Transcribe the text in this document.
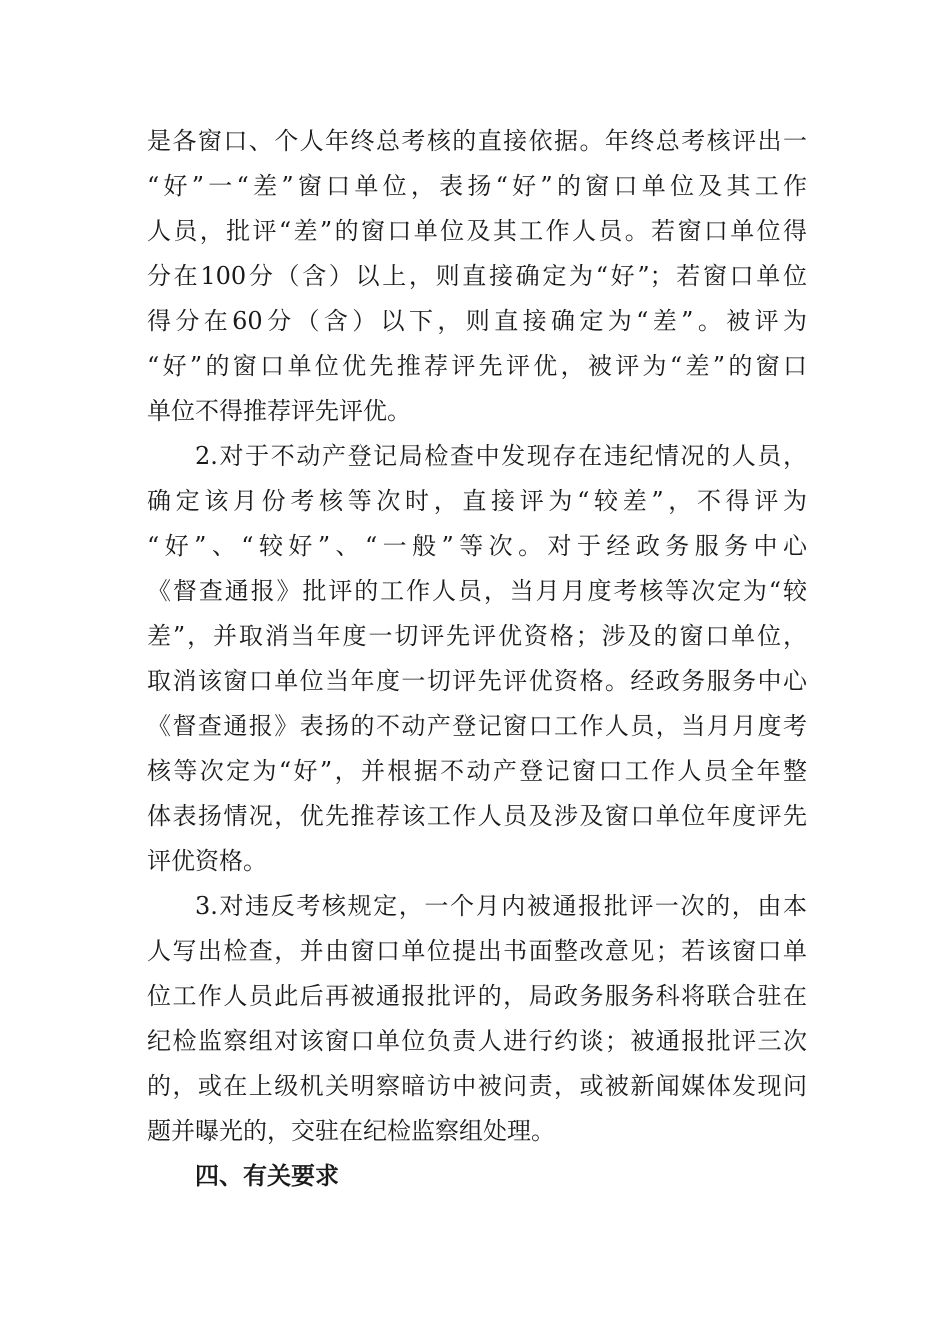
是各窗口、个人年终总考核的直接依据。年终总考核评出一
“好”一“差”窗口单位，表扬“好”的窗口单位及其工作
人员，批评“差”的窗口单位及其工作人员。若窗口单位得
分在100分（含）以上，则直接确定为“好”；若窗口单位
得分在60分（含）以下，则直接确定为“差”。被评为
“好”的窗口单位优先推荐评先评优，被评为“差”的窗口
单位不得推荐评先评优。
2.对于不动产登记局检查中发现存在违纪情况的人员，
确定该月份考核等次时，直接评为“较差”，不得评为
“好”、“较好”、“一般”等次。对于经政务服务中心
《督查通报》批评的工作人员，当月月度考核等次定为“较
差”，并取消当年度一切评先评优资格；涉及的窗口单位，
取消该窗口单位当年度一切评先评优资格。经政务服务中心
《督查通报》表扬的不动产登记窗口工作人员，当月月度考
核等次定为“好”，并根据不动产登记窗口工作人员全年整
体表扬情况，优先推荐该工作人员及涉及窗口单位年度评先
评优资格。
3.对违反考核规定，一个月内被通报批评一次的，由本
人写出检查，并由窗口单位提出书面整改意见；若该窗口单
位工作人员此后再被通报批评的，局政务服务科将联合驻在
纪检监察组对该窗口单位负责人进行约谈；被通报批评三次
的，或在上级机关明察暗访中被问责，或被新闻媒体发现问
题并曝光的，交驻在纪检监察组处理。
四、有关要求
